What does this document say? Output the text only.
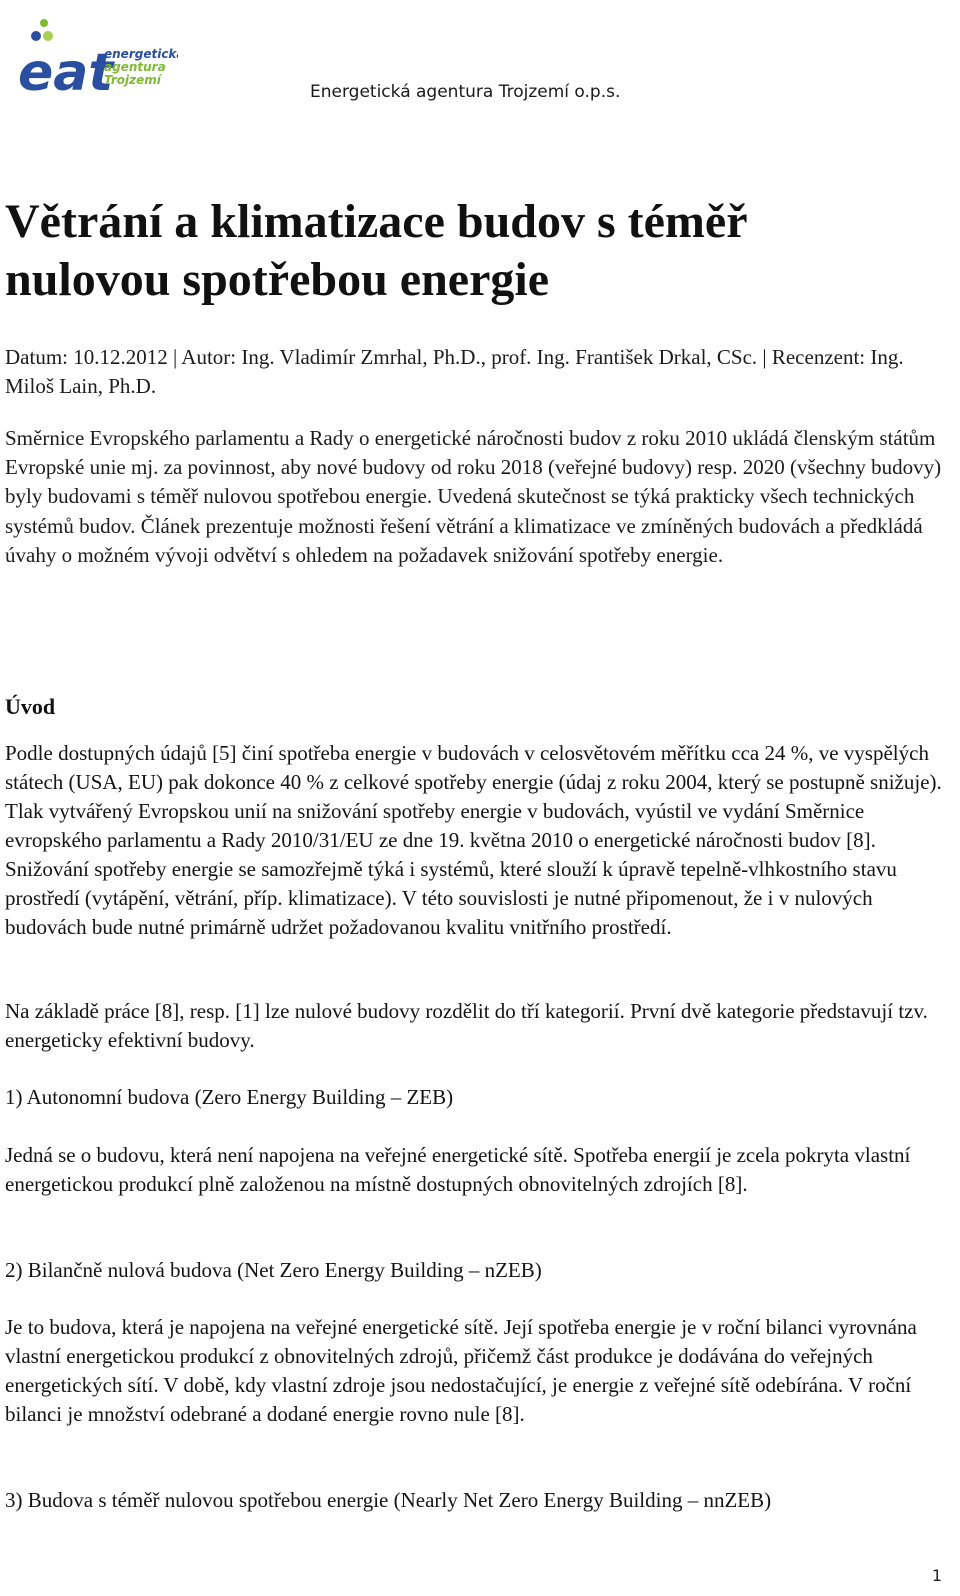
eat
energetická
agentura
Trojzemí
Energetická agentura Trojzemí o.p.s.
Větrání a klimatizace budov s téměř nulovou spotřebou energie

Datum: 10.12.2012 | Autor: Ing. Vladimír Zmrhal, Ph.D., prof. Ing. František Drkal, CSc. | Recenzent: Ing. Miloš Lain, Ph.D.

Směrnice Evropského parlamentu a Rady o energetické náročnosti budov z roku 2010 ukládá členským státům Evropské unie mj. za povinnost, aby nové budovy od roku 2018 (veřejné budovy) resp. 2020 (všechny budovy) byly budovami s téměř nulovou spotřebou energie. Uvedená skutečnost se týká prakticky všech technických systémů budov. Článek prezentuje možnosti řešení větrání a klimatizace ve zmíněných budovách a předkládá úvahy o možném vývoji odvětví s ohledem na požadavek snižování spotřeby energie.

Úvod

Podle dostupných údajů [5] činí spotřeba energie v budovách v celosvětovém měřítku cca 24 %, ve vyspělých státech (USA, EU) pak dokonce 40 % z celkové spotřeby energie (údaj z roku 2004, který se postupně snižuje). Tlak vytvářený Evropskou unií na snižování spotřeby energie v budovách, vyústil ve vydání Směrnice evropského parlamentu a Rady 2010/31/EU ze dne 19. května 2010 o energetické náročnosti budov [8]. Snižování spotřeby energie se samozřejmě týká i systémů, které slouží k úpravě tepelně-vlhkostního stavu prostředí (vytápění, větrání, příp. klimatizace). V této souvislosti je nutné připomenout, že i v nulových budovách bude nutné primárně udržet požadovanou kvalitu vnitřního prostředí.

Na základě práce [8], resp. [1] lze nulové budovy rozdělit do tří kategorií. První dvě kategorie představují tzv. energeticky efektivní budovy.

1) Autonomní budova (Zero Energy Building – ZEB)

Jedná se o budovu, která není napojena na veřejné energetické sítě. Spotřeba energií je zcela pokryta vlastní energetickou produkcí plně založenou na místně dostupných obnovitelných zdrojích [8].

2) Bilančně nulová budova (Net Zero Energy Building – nZEB)

Je to budova, která je napojena na veřejné energetické sítě. Její spotřeba energie je v roční bilanci vyrovnána vlastní energetickou produkcí z obnovitelných zdrojů, přičemž část produkce je dodávána do veřejných energetických sítí. V době, kdy vlastní zdroje jsou nedostačující, je energie z veřejné sítě odebírána. V roční bilanci je množství odebrané a dodané energie rovno nule [8].

3) Budova s téměř nulovou spotřebou energie (Nearly Net Zero Energy Building – nnZEB)

1
